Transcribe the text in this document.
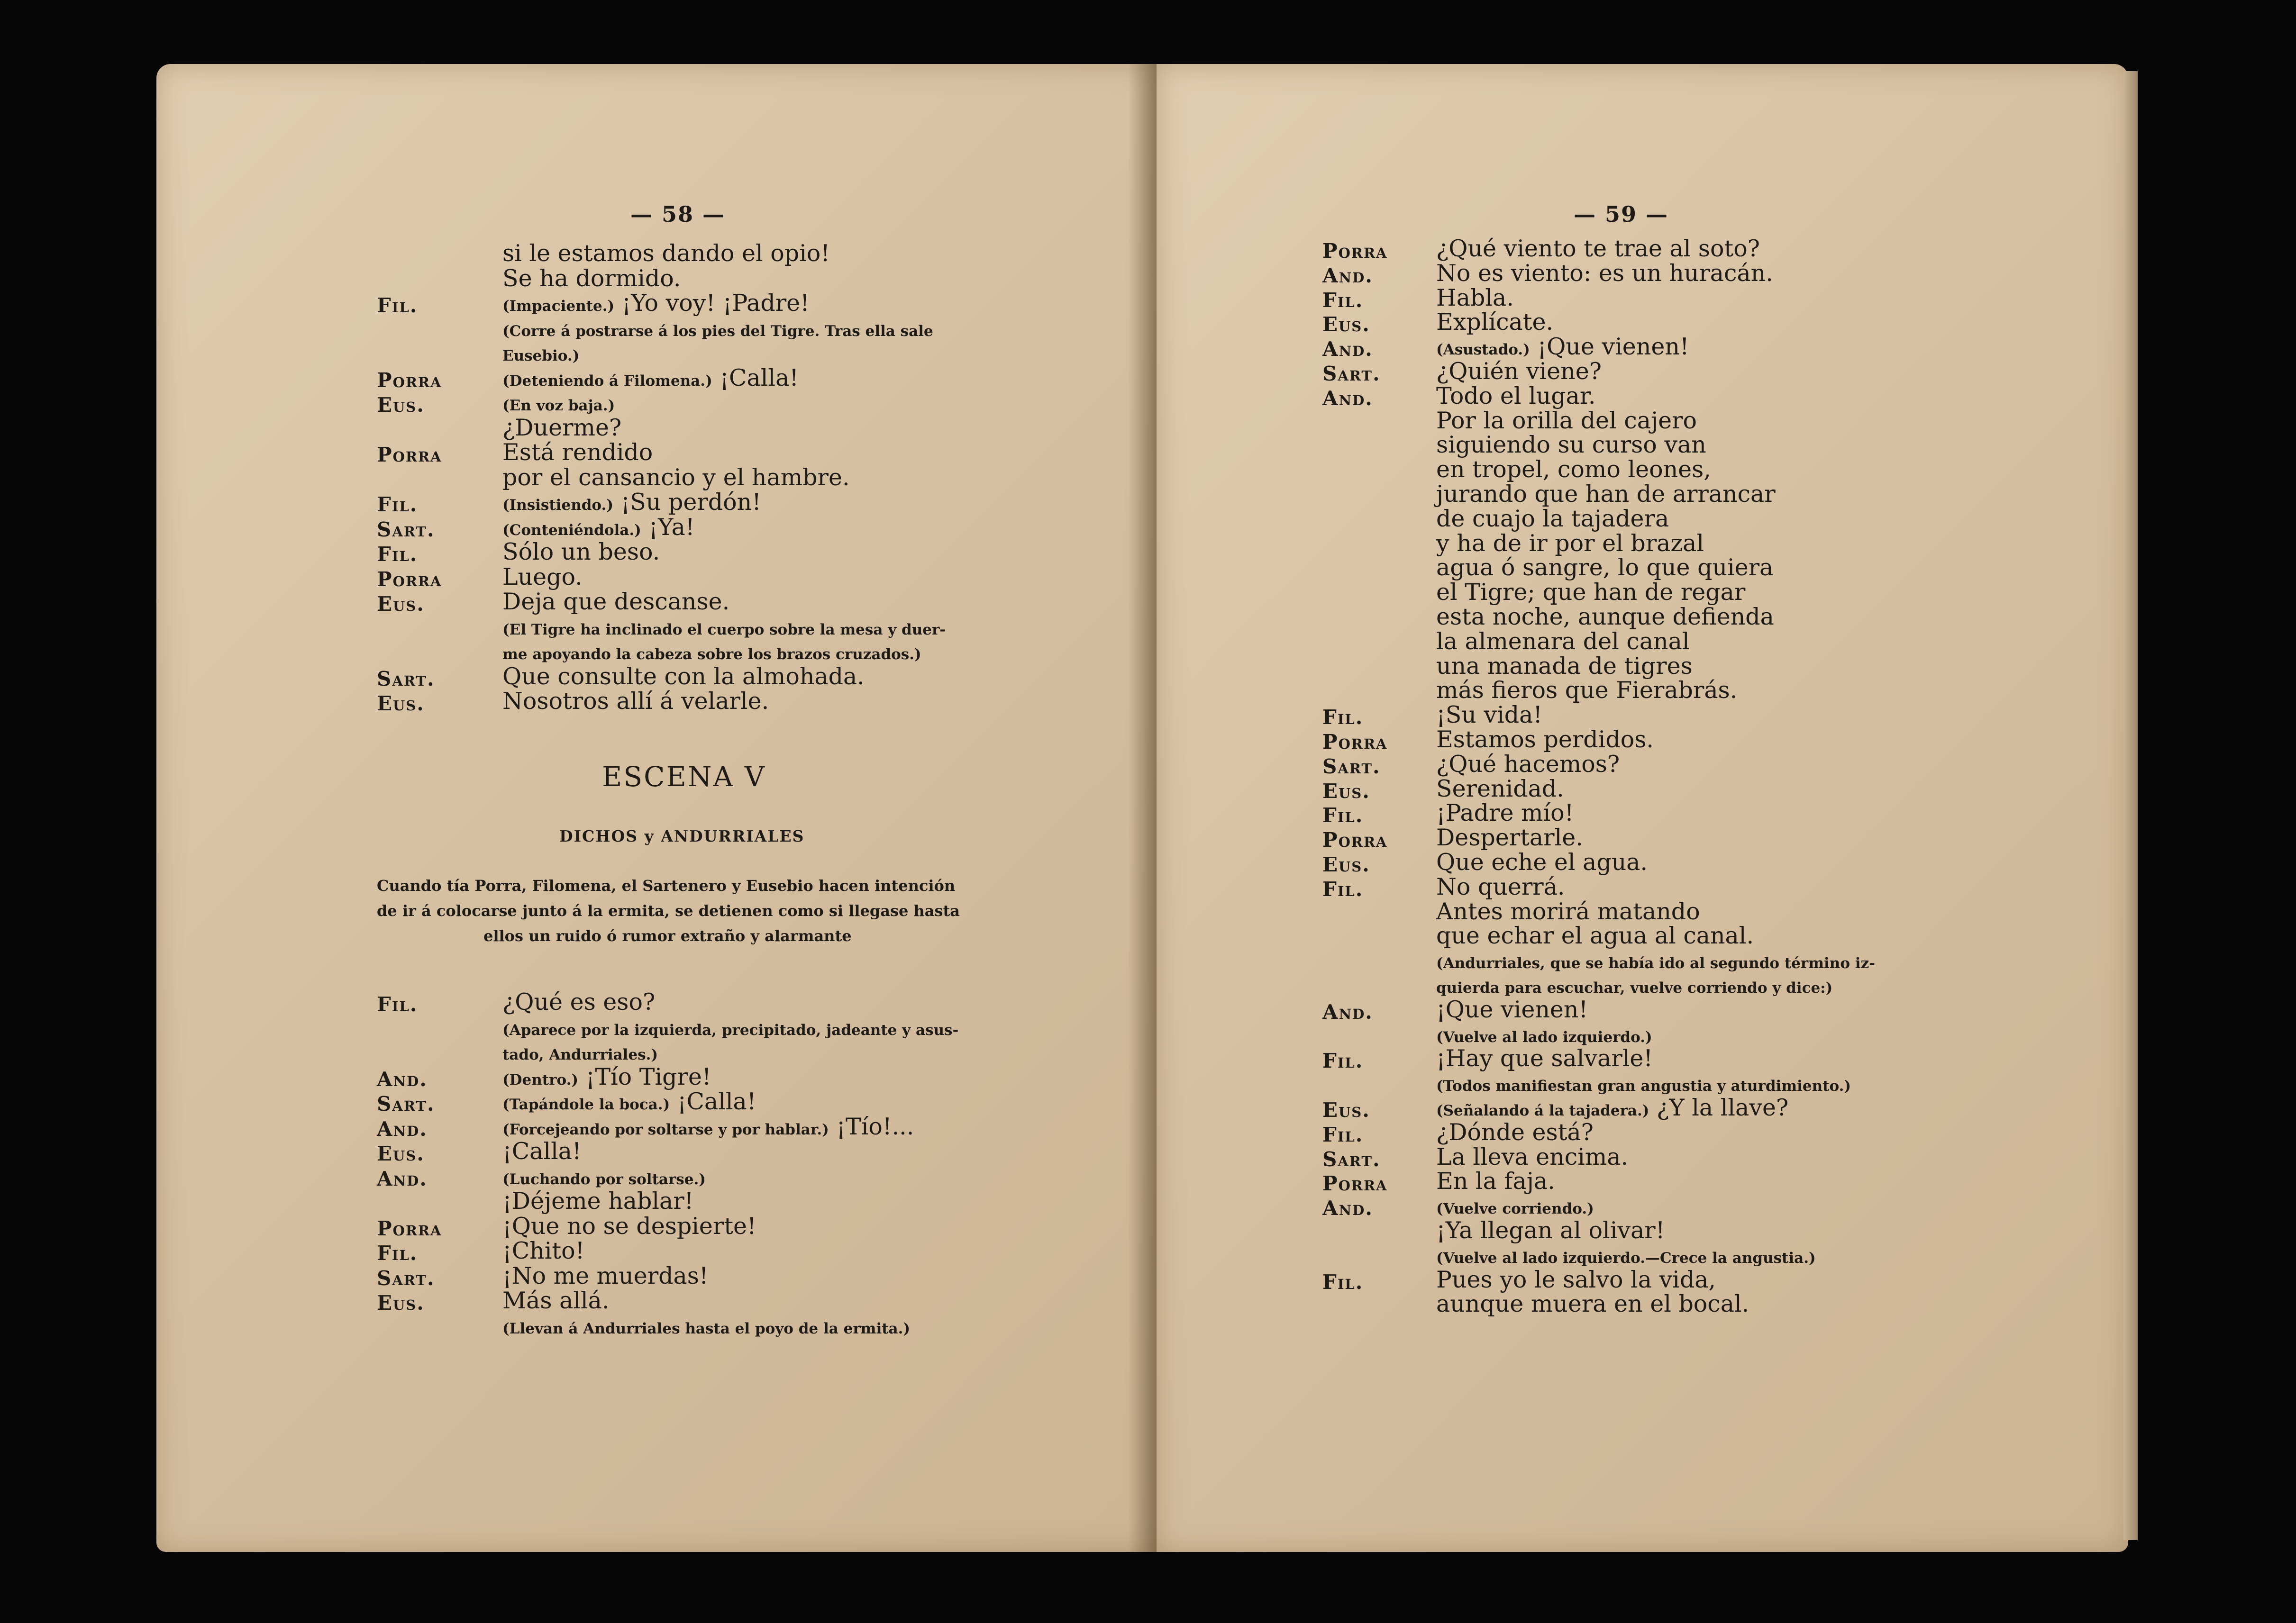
— 58 —
ESCENA V
DICHOS y ANDURRIALES
Cuando tía Porra, Filomena, el Sartenero y Eusebio hacen intención
de ir á colocarse junto á la ermita, se detienen como si llegase hasta
ellos un ruido ó rumor extraño y alarmante
si le estamos dando el opio!
Se ha dormido.
Fil.	(Impaciente.) ¡Yo voy! ¡Padre!
(Corre á postrarse á los pies del Tigre. Tras ella sale
Eusebio.)
Porra	(Deteniendo á Filomena.) ¡Calla!
Eus.	(En voz baja.)
¿Duerme?
Porra	Está rendido
por el cansancio y el hambre.
Fil.	(Insistiendo.) ¡Su perdón!
Sart.	(Conteniéndola.) ¡Ya!
Fil.	Sólo un beso.
Porra	Luego.
Eus.	Deja que descanse.
(El Tigre ha inclinado el cuerpo sobre la mesa y duer-
me apoyando la cabeza sobre los brazos cruzados.)
Sart.	Que consulte con la almohada.
Eus.	Nosotros allí á velarle.
Fil.	¿Qué es eso?
(Aparece por la izquierda, precipitado, jadeante y asus-
tado, Andurriales.)
And.	(Dentro.) ¡Tío Tigre!
Sart.	(Tapándole la boca.) ¡Calla!
And.	(Forcejeando por soltarse y por hablar.) ¡Tío!...
Eus.	¡Calla!
And.	(Luchando por soltarse.)
¡Déjeme hablar!
Porra	¡Que no se despierte!
Fil.	¡Chito!
Sart.	¡No me muerdas!
Eus.	Más allá.
(Llevan á Andurriales hasta el poyo de la ermita.)
— 59 —
Porra ¿Qué viento te trae al soto?
And.	No es viento: es un huracán.
Fil.	Habla.
Eus.	Explícate.
And.	(Asustado.) ¡Que vienen!
Sart. ¿Quién viene?
And.	Todo el lugar.
Por la orilla del cajero
siguiendo su curso van
en tropel, como leones,
jurando que han de arrancar
de cuajo la tajadera
y ha de ir por el brazal
agua ó sangre, lo que quiera
el Tigre; que han de regar
esta noche, aunque defienda
la almenara del canal
una manada de tigres
más fieros que Fierabrás.
Fil.	¡Su vida!
Porra Estamos perdidos.
Sart. ¿Qué hacemos?
Eus.	Serenidad.
Fil.	¡Padre mío!
Porra Despertarle.
Eus.	Que eche el agua.
Fil.	No querrá.
Antes morirá matando
que echar el agua al canal.
(Andurriales, que se había ido al segundo término iz-
quierda para escuchar, vuelve corriendo y dice:)
And.	¡Que vienen!
(Vuelve al lado izquierdo.)
Fil.	¡Hay que salvarle!
(Todos manifiestan gran angustia y aturdimiento.)
Eus.	(Señalando á la tajadera.) ¿Y la llave?
Fil.	¿Dónde está?
Sart. La lleva encima.
Porra En la faja.
And.	(Vuelve corriendo.)
¡Ya llegan al olivar!
(Vuelve al lado izquierdo.—Crece la angustia.)
Fil.	Pues yo le salvo la vida,
aunque muera en el bocal.
